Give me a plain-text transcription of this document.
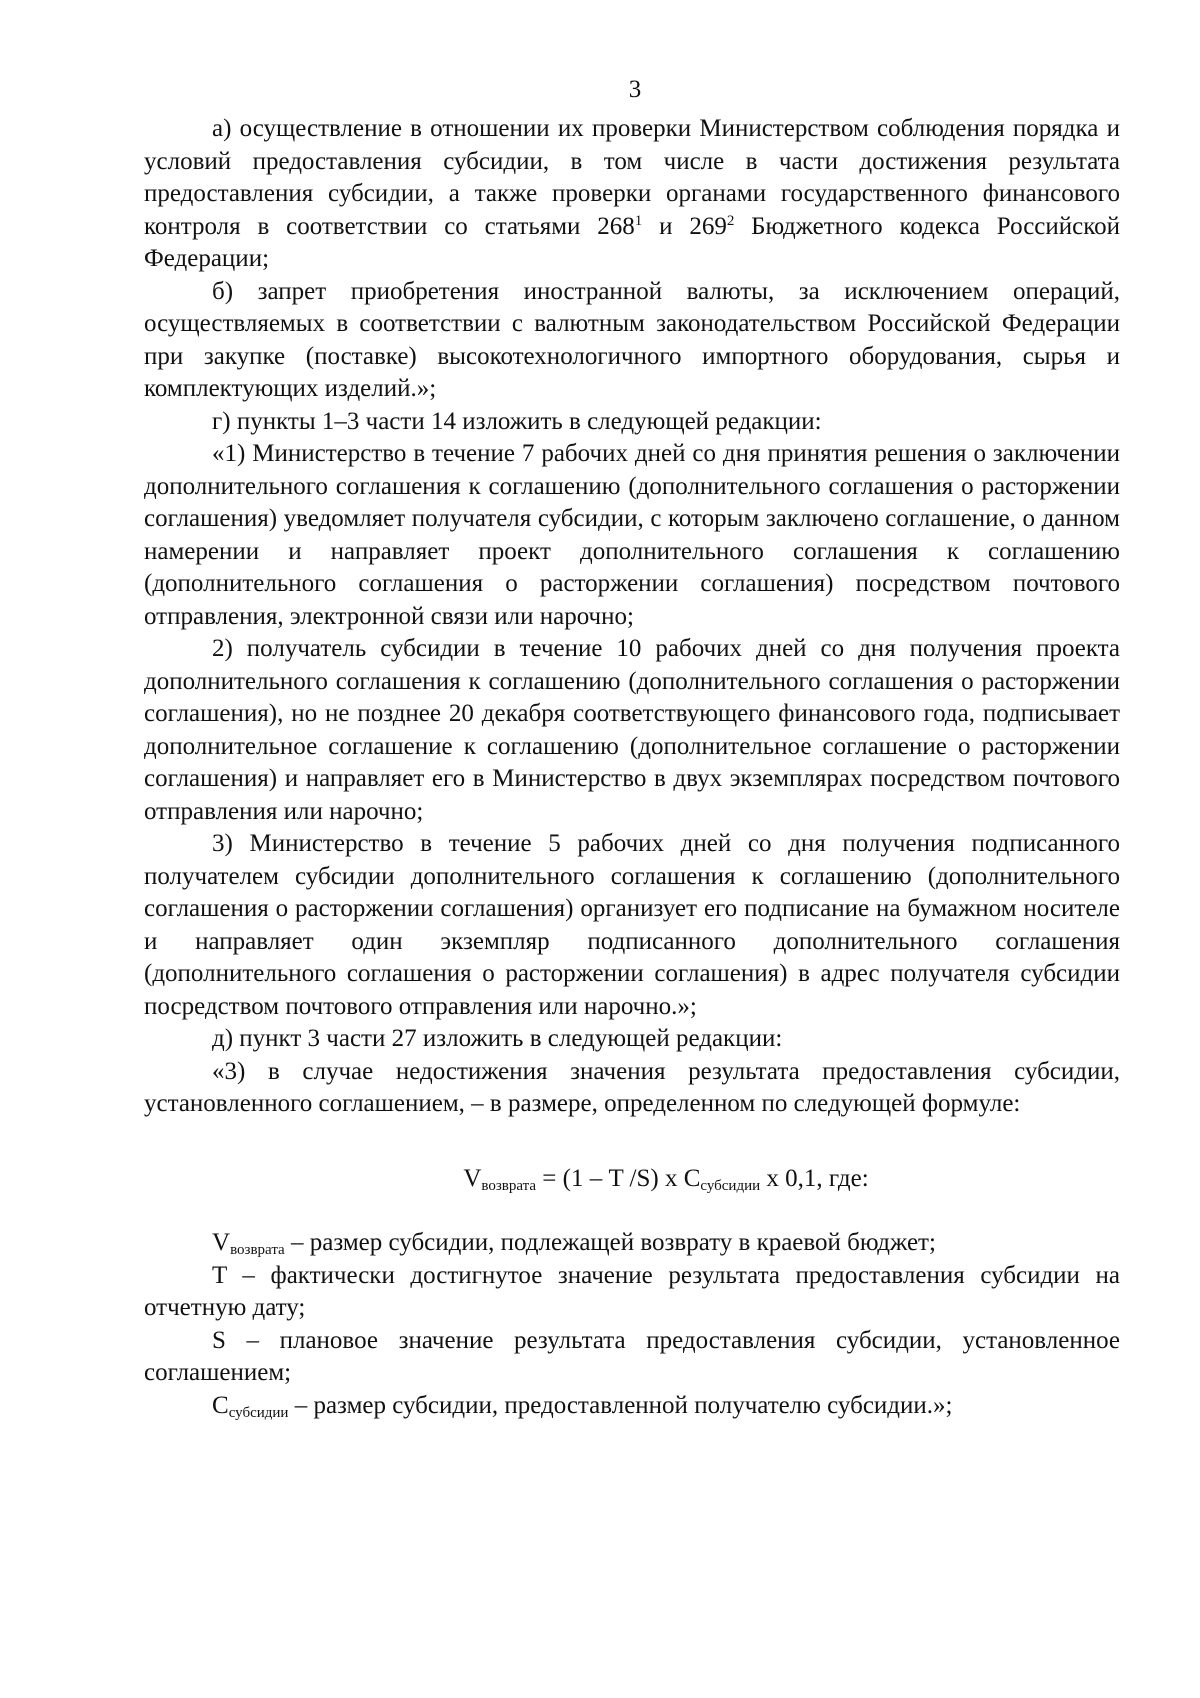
3

а) осуществление в отношении их проверки Министерством соблюдения порядка и условий предоставления субсидии, в том числе в части достижения результата предоставления субсидии, а также проверки органами государственного финансового контроля в соответствии со статьями $268^1$ и $269^2$ Бюджетного кодекса Российской Федерации;

б) запрет приобретения иностранной валюты, за исключением операций, осуществляемых в соответствии с валютным законодательством Российской Федерации при закупке (поставке) высокотехнологичного импортного оборудования, сырья и комплектующих изделий.»;

г) пункты 1–3 части 14 изложить в следующей редакции:

«1) Министерство в течение 7 рабочих дней со дня принятия решения о заключении дополнительного соглашения к соглашению (дополнительного соглашения о расторжении соглашения) уведомляет получателя субсидии, с которым заключено соглашение, о данном намерении и направляет проект дополнительного соглашения к соглашению (дополнительного соглашения о расторжении соглашения) посредством почтового отправления, электронной связи или нарочно;

2) получатель субсидии в течение 10 рабочих дней со дня получения проекта дополнительного соглашения к соглашению (дополнительного соглашения о расторжении соглашения), но не позднее 20 декабря соответствующего финансового года, подписывает дополнительное соглашение к соглашению (дополнительное соглашение о расторжении соглашения) и направляет его в Министерство в двух экземплярах посредством почтового отправления или нарочно;

3) Министерство в течение 5 рабочих дней со дня получения подписанного получателем субсидии дополнительного соглашения к соглашению (дополнительного соглашения о расторжении соглашения) организует его подписание на бумажном носителе и направляет один экземпляр подписанного дополнительного соглашения (дополнительного соглашения о расторжении соглашения) в адрес получателя субсидии посредством почтового отправления или нарочно.»;

д) пункт 3 части 27 изложить в следующей редакции:

«3) в случае недостижения значения результата предоставления субсидии, установленного соглашением, – в размере, определенном по следующей формуле:

$V_{возврата} = (1 - T$ /S) x $C_{субсидии}$ x 0,1, где:

$V_{возврата}$ – размер субсидии, подлежащей возврату в краевой бюджет;

T – фактически достигнутое значение результата предоставления субсидии на отчетную дату;

S – плановое значение результата предоставления субсидии, установленное соглашением;

$C_{субсидии}$ – размер субсидии, предоставленной получателю субсидии.»;
